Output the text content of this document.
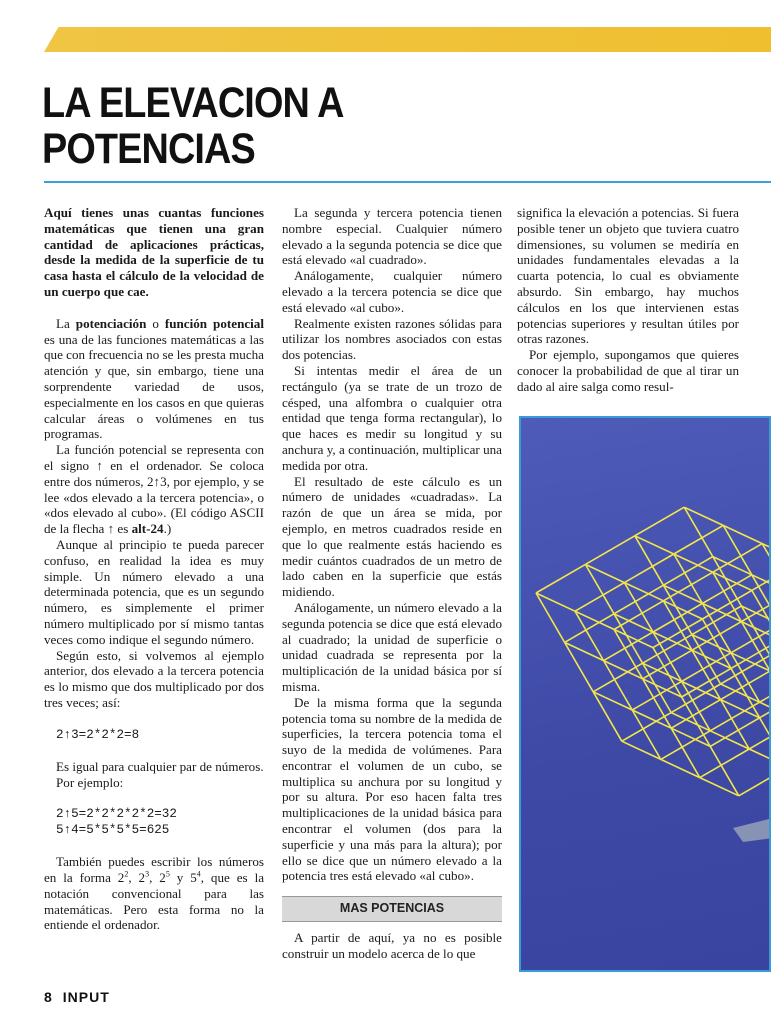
LA ELEVACION A POTENCIAS

Aquí tienes unas cuantas funciones matemáticas que tienen una gran cantidad de aplicaciones prácticas, desde la medida de la superficie de tu casa hasta el cálculo de la velocidad de un cuerpo que cae.

La potenciación o función potencial es una de las funciones matemáticas a las que con frecuencia no se les presta mucha atención y que, sin embargo, tiene una sorprendente variedad de usos, especialmente en los casos en que quieras calcular áreas o volúmenes en tus programas.

La función potencial se representa con el signo ↑ en el ordenador. Se coloca entre dos números, 2↑3, por ejemplo, y se lee «dos elevado a la tercera potencia», o «dos elevado al cubo». (El código ASCII de la flecha ↑ es alt-24.)

Aunque al principio te pueda parecer confuso, en realidad la idea es muy simple. Un número elevado a una determinada potencia, que es un segundo número, es simplemente el primer número multiplicado por sí mismo tantas veces como indique el segundo número.

Según esto, si volvemos al ejemplo anterior, dos elevado a la tercera potencia es lo mismo que dos multiplicado por dos tres veces; así:

2↑3=2*2*2=8

Es igual para cualquier par de números.

Por ejemplo:

2↑5=2*2*2*2*2=32

5↑4=5*5*5*5=625

También puedes escribir los números en la forma $2^2$, $2^3$, $2^5$ y $5^4$, que es la notación convencional para las matemáticas. Pero esta forma no la entiende el ordenador.

La segunda y tercera potencia tienen nombre especial. Cualquier número elevado a la segunda potencia se dice que está elevado «al cuadrado».

Análogamente, cualquier número elevado a la tercera potencia se dice que está elevado «al cubo».

Realmente existen razones sólidas para utilizar los nombres asociados con estas dos potencias.

Si intentas medir el área de un rectángulo (ya se trate de un trozo de césped, una alfombra o cualquier otra entidad que tenga forma rectangular), lo que haces es medir su longitud y su anchura y, a continuación, multiplicar una medida por otra.

El resultado de este cálculo es un número de unidades «cuadradas». La razón de que un área se mida, por ejemplo, en metros cuadrados reside en que lo que realmente estás haciendo es medir cuántos cuadrados de un metro de lado caben en la superficie que estás midiendo.

Análogamente, un número elevado a la segunda potencia se dice que está elevado al cuadrado; la unidad de superficie o unidad cuadrada se representa por la multiplicación de la unidad básica por sí misma.

De la misma forma que la segunda potencia toma su nombre de la medida de superficies, la tercera potencia toma el suyo de la medida de volúmenes. Para encontrar el volumen de un cubo, se multiplica su anchura por su longitud y por su altura. Por eso hacen falta tres multiplicaciones de la unidad básica para encontrar el volumen (dos para la superficie y una más para la altura); por ello se dice que un número elevado a la potencia tres está elevado «al cubo».

MAS POTENCIAS

A partir de aquí, ya no es posible construir un modelo acerca de lo que

significa la elevación a potencias. Si fuera posible tener un objeto que tuviera cuatro dimensiones, su volumen se mediría en unidades fundamentales elevadas a la cuarta potencia, lo cual es obviamente absurdo. Sin embargo, hay muchos cálculos en los que intervienen estas potencias superiores y resultan útiles por otras razones.

Por ejemplo, supongamos que quieres conocer la probabilidad de que al tirar un dado al aire salga como resul-

8 INPUT
